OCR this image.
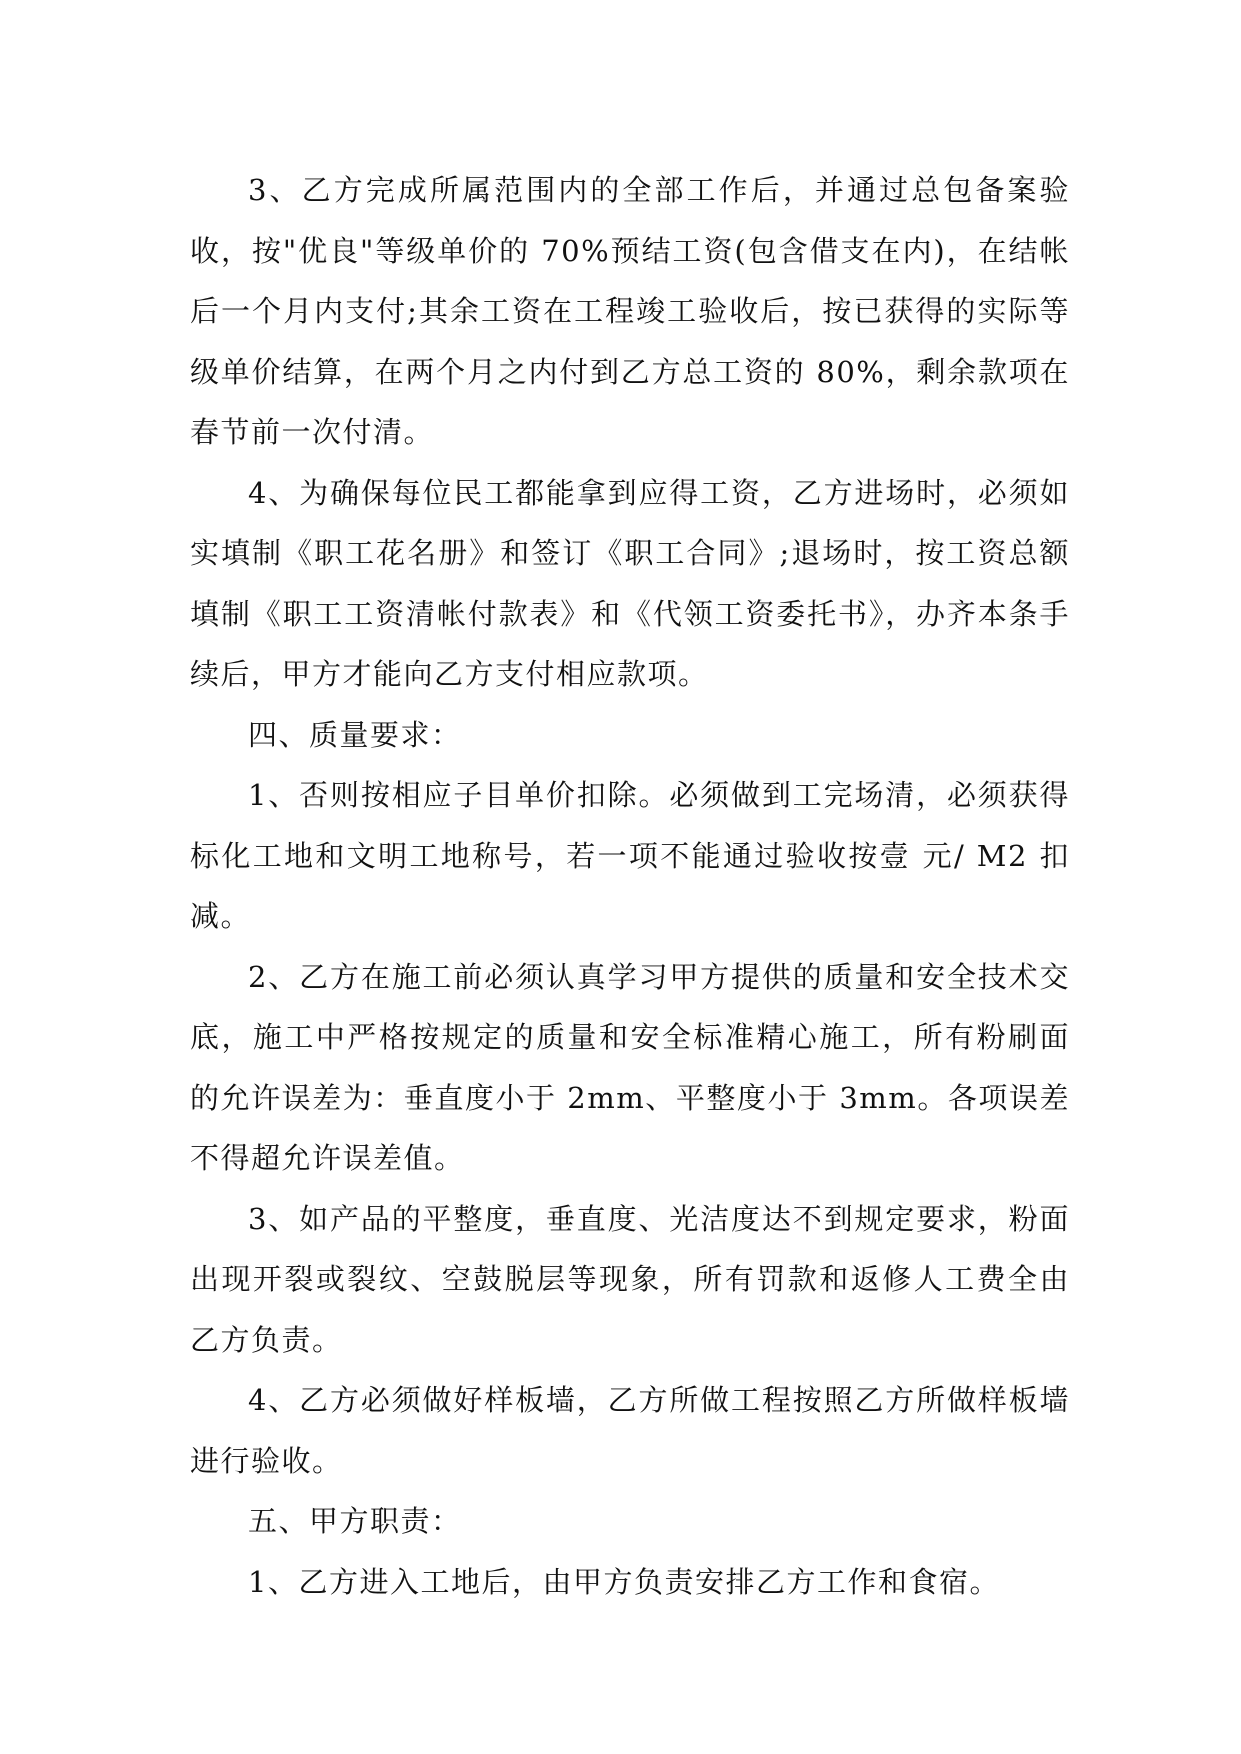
3、乙方完成所属范围内的全部工作后，并通过总包备案验收，按"优良"等级单价的 70%预结工资(包含借支在内)，在结帐后一个月内支付;其余工资在工程竣工验收后，按已获得的实际等级单价结算，在两个月之内付到乙方总工资的 80%，剩余款项在春节前一次付清。

4、为确保每位民工都能拿到应得工资，乙方进场时，必须如实填制《职工花名册》和签订《职工合同》;退场时，按工资总额填制《职工工资清帐付款表》和《代领工资委托书》，办齐本条手续后，甲方才能向乙方支付相应款项。

四、质量要求：

1、否则按相应子目单价扣除。必须做到工完场清，必须获得标化工地和文明工地称号，若一项不能通过验收按壹 元/ M2 扣减。

2、乙方在施工前必须认真学习甲方提供的质量和安全技术交底，施工中严格按规定的质量和安全标准精心施工，所有粉刷面的允许误差为：垂直度小于 2mm、平整度小于 3mm。各项误差不得超允许误差值。

3、如产品的平整度，垂直度、光洁度达不到规定要求，粉面出现开裂或裂纹、空鼓脱层等现象，所有罚款和返修人工费全由乙方负责。

4、乙方必须做好样板墙，乙方所做工程按照乙方所做样板墙进行验收。

五、甲方职责：

1、乙方进入工地后，由甲方负责安排乙方工作和食宿。
